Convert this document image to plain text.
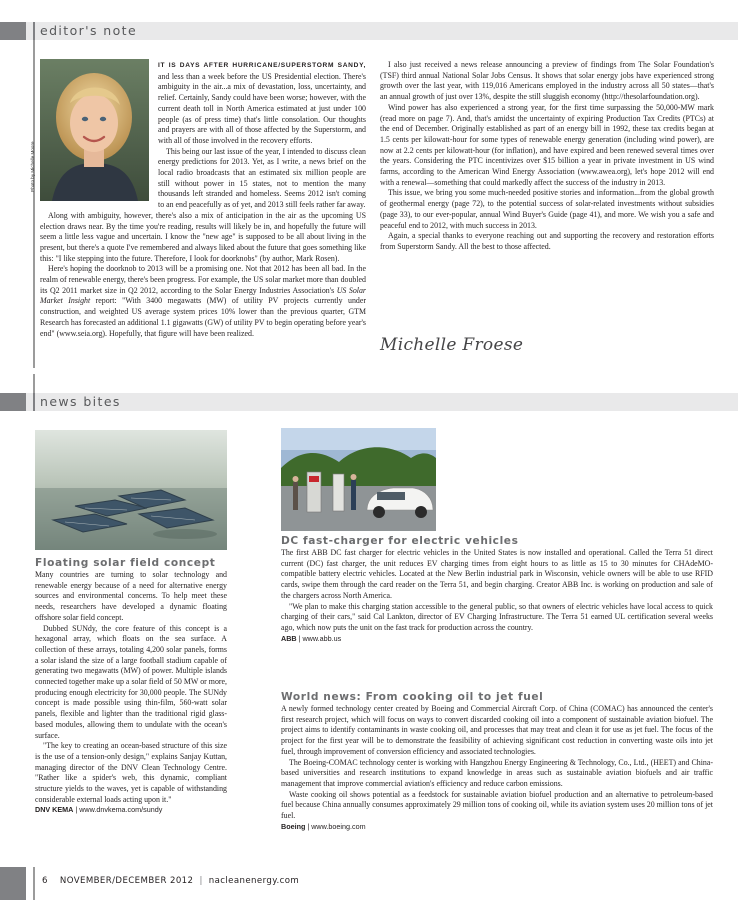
editor's note
Photo by Michelle Moore

IT IS DAYS AFTER HURRICANE/SUPERSTORM SANDY, and less than a week before the US Presidential election. There's ambiguity in the air...a mix of devastation, loss, uncertainty, and relief. Certainly, Sandy could have been worse; however, with the current death toll in North America estimated at just under 100 people (as of press time) that's little consolation. Our thoughts and prayers are with all of those affected by the Superstorm, and with all of those involved in the recovery efforts.

This being our last issue of the year, I intended to discuss clean energy predictions for 2013. Yet, as I write, a news brief on the local radio broadcasts that an estimated six million people are still without power in 15 states, not to mention the many thousands left stranded and homeless. Seems 2012 isn't coming to an end peacefully as of yet, and 2013 still feels rather far away.

Along with ambiguity, however, there's also a mix of anticipation in the air as the upcoming US election draws near. By the time you're reading, results will likely be in, and hopefully the future will seem a little less vague and uncertain. I know the "new age" is supposed to be all about living in the present, but there's a quote I've remembered and always liked about the future that goes something like this: "I like stepping into the future. Therefore, I look for doorknobs" (by author, Mark Rosen).

Here's hoping the doorknob to 2013 will be a promising one. Not that 2012 has been all bad. In the realm of renewable energy, there's been progress. For example, the US solar market more than doubled its Q2 2011 market size in Q2 2012, according to the Solar Energy Industries Association's US Solar Market Insight report: "With 3400 megawatts (MW) of utility PV projects currently under construction, and weighted US average system prices 10% lower than the previous quarter, GTM Research has forecasted an additional 1.1 gigawatts (GW) of utility PV to begin operating before year's end" (www.seia.org). Hopefully, that figure will have been realized.

I also just received a news release announcing a preview of findings from The Solar Foundation's (TSF) third annual National Solar Jobs Census. It shows that solar energy jobs have experienced strong growth over the last year, with 119,016 Americans employed in the industry across all 50 states—that's an annual growth of just over 13%, despite the still sluggish economy (http://thesolarfoundation.org).

Wind power has also experienced a strong year, for the first time surpassing the 50,000-MW mark (read more on page 7). And, that's amidst the uncertainty of expiring Production Tax Credits (PTCs) at the end of December. Originally established as part of an energy bill in 1992, these tax credits began at 1.5 cents per kilowatt-hour for some types of renewable energy generation (including wind power), are now at 2.2 cents per kilowatt-hour (for inflation), and have expired and been renewed several times over the years. Considering the PTC incentivizes over $15 billion a year in private investment in US wind farms, according to the American Wind Energy Association (www.awea.org), let's hope 2012 will end with a renewal—something that could markedly affect the success of the industry in 2013.

This issue, we bring you some much-needed positive stories and information...from the global growth of geothermal energy (page 72), to the potential success of solar-related investments without subsidies (page 33), to our ever-popular, annual Wind Buyer's Guide (page 41), and more. We wish you a safe and peaceful end to 2012, with much success in 2013.

Again, a special thanks to everyone reaching out and supporting the recovery and restoration efforts from Superstorm Sandy. All the best to those affected.

Michelle Froese
news bites
Floating solar field concept

Many countries are turning to solar technology and renewable energy because of a need for alternative energy sources and environmental concerns. To help meet these needs, researchers have developed a dynamic floating offshore solar field concept.

Dubbed SUNdy, the core feature of this concept is a hexagonal array, which floats on the sea surface. A collection of these arrays, totaling 4,200 solar panels, forms a solar island the size of a large football stadium capable of generating two megawatts (MW) of power. Multiple islands connected together make up a solar field of 50 MW or more, producing enough electricity for 30,000 people. The SUNdy concept is made possible using thin-film, 560-watt solar panels, flexible and lighter than the traditional rigid glass-based modules, allowing them to undulate with the ocean's surface.

"The key to creating an ocean-based structure of this size is the use of a tension-only design," explains Sanjay Kuttan, managing director of the DNV Clean Technology Centre. "Rather like a spider's web, this dynamic, compliant structure yields to the waves, yet is capable of withstanding considerable external loads acting upon it."

DNV KEMA | www.dnvkema.com/sundy

DC fast-charger for electric vehicles

The first ABB DC fast charger for electric vehicles in the United States is now installed and operational. Called the Terra 51 direct current (DC) fast charger, the unit reduces EV charging times from eight hours to as little as 15 to 30 minutes for CHAdeMO-compatible battery electric vehicles. Located at the New Berlin industrial park in Wisconsin, vehicle owners will be able to use RFID cards, swipe them through the card reader on the Terra 51, and begin charging. Creator ABB Inc. is working on production and sale of the chargers across North America.

"We plan to make this charging station accessible to the general public, so that owners of electric vehicles have local access to quick charging of their cars," said Cal Lankton, director of EV Charging Infrastructure. The Terra 51 earned UL certification several weeks ago, which now puts the unit on the fast track for production across the country.

ABB | www.abb.us

World news: From cooking oil to jet fuel

A newly formed technology center created by Boeing and Commercial Aircraft Corp. of China (COMAC) has announced the center's first research project, which will focus on ways to convert discarded cooking oil into a component of sustainable aviation biofuel. The project aims to identify contaminants in waste cooking oil, and processes that may treat and clean it for use as jet fuel. The focus of the project for the first year will be to demonstrate the feasibility of achieving significant cost reduction in converting waste oils into jet fuel, through improvement of conversion efficiency and associated technologies.

The Boeing-COMAC technology center is working with Hangzhou Energy Engineering & Technology, Co., Ltd., (HEET) and China-based universities and research institutions to expand knowledge in areas such as sustainable aviation biofuels and air traffic management that improve commercial aviation's efficiency and reduce carbon emissions.

Waste cooking oil shows potential as a feedstock for sustainable aviation biofuel production and an alternative to petroleum-based fuel because China annually consumes approximately 29 million tons of cooking oil, while its aviation system uses 20 million tons of jet fuel.

Boeing | www.boeing.com

6 NOVEMBER/DECEMBER 2012 | nacleanenergy.com
